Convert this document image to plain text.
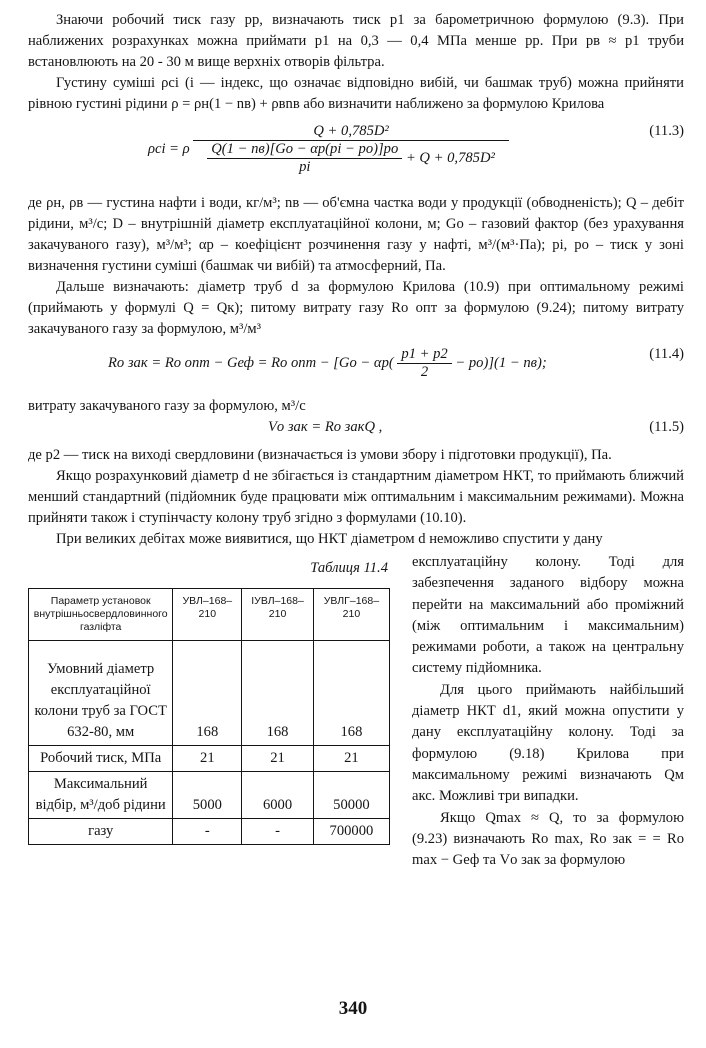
Знаючи робочий тиск газу pр, визначають тиск p1 за барометричною формулою (9.3). При наближених розрахунках можна приймати p1 на 0,3 — 0,4 МПа менше pр. При pв ≈ p1 труби встановлюють на 20 - 30 м вище верхніх отворів фільтра.

Густину суміші ρсі (і — індекс, що означає відповідно вибій, чи башмак труб) можна прийняти рівною густині рідини ρ = ρн(1 − nв) + ρвnв або визначити наближено за формулою Крилова

ρсі = ρ
Q + 0,785D²
$\frac{Q(1 - nв)[Gо - \alpha р(pі - pо)]pо}{pі} + Q + 0,785D^2$
(11.3)

де ρн, ρв — густина нафти і води, кг/м³; nв — об'ємна частка води у продукції (обводненість); Q – дебіт рідини, м³/с; D – внутрішній діаметр експлуатаційної колони, м; Gо – газовий фактор (без урахування закачуваного газу), м³/м³; αр – коефіцієнт розчинення газу у нафті, м³/(м³·Па); pі, pо – тиск у зоні визначення густини суміші (башмак чи вибій) та атмосферний, Па.

Дальше визначають: діаметр труб d за формулою Крилова (10.9) при оптимальному режимі (приймають у формулі Q = Qк); питому витрату газу Rо опт за формулою (9.24); питому витрату закачуваного газу за формулою, м³/м³

Rо зак = Rо опт − Gеф = Rо опт − $[Gо - \alpha р( \frac{p1 + p2}{2} - pо)](1 - nв)$;
(11.4)

витрату закачуваного газу за формулою, м³/с

Vо зак = Rо закQ ,	(11.5)

де p2 — тиск на виході свердловини (визначається із умови збору і підготовки продукції), Па.

Якщо розрахунковий діаметр d не збігається із стандартним діаметром НКТ, то приймають ближчий менший стандартний (підйомник буде працювати між оптимальним і максимальним режимами). Можна прийняти також і ступінчасту колону труб згідно з формулами (10.10).

При великих дебітах може виявитися, що НКТ діаметром d неможливо спустити у дану

Таблиця 11.4
Параметр установок внутрішньосвердловинного газліфта	УВЛ–168–210	ІУВЛ–168–210	УВЛГ–168–210
Умовний діаметр експлуатаційної колони труб за ГОСТ 632-80, мм	168	168	168
Робочий тиск, МПа	21	21	21
Максимальний відбір, м³/доб рідини	5000	6000	50000
газу	-	-	700000

експлуатаційну колону. Тоді для забезпечення заданого відбору можна перейти на максимальний або проміжний (між оптимальним і максимальним) режимами роботи, а також на центральну систему підйомника.

Для цього приймають найбільший діаметр НКТ d1, який можна опустити у дану експлуатаційну колону. Тоді за формулою (9.18) Крилова при максимальному режимі визначають Qм акс. Можливі три випадки.

Якщо Qmax ≈ Q, то за формулою (9.23) визначають Rо max, Rо зак = = Rо max − Gеф та Vо зак за формулою

340
